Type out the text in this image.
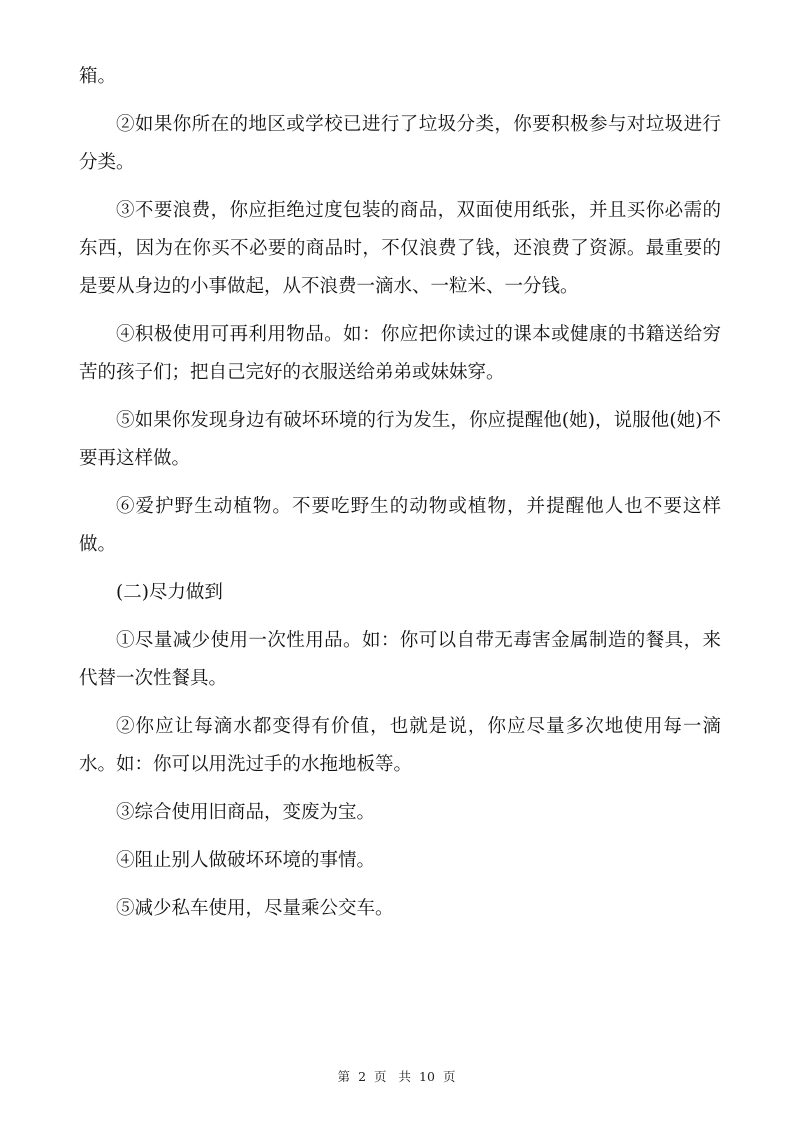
箱。

②如果你所在的地区或学校已进行了垃圾分类，你要积极参与对垃圾进行分类。

③不要浪费，你应拒绝过度包装的商品，双面使用纸张，并且买你必需的东西，因为在你买不必要的商品时，不仅浪费了钱，还浪费了资源。最重要的是要从身边的小事做起，从不浪费一滴水、一粒米、一分钱。

④积极使用可再利用物品。如：你应把你读过的课本或健康的书籍送给穷苦的孩子们；把自己完好的衣服送给弟弟或妹妹穿。

⑤如果你发现身边有破坏环境的行为发生，你应提醒他(她)，说服他(她)不要再这样做。

⑥爱护野生动植物。不要吃野生的动物或植物，并提醒他人也不要这样做。

(二)尽力做到

①尽量减少使用一次性用品。如：你可以自带无毒害金属制造的餐具，来代替一次性餐具。

②你应让每滴水都变得有价值，也就是说，你应尽量多次地使用每一滴水。如：你可以用洗过手的水拖地板等。

③综合使用旧商品，变废为宝。

④阻止别人做破坏环境的事情。

⑤减少私车使用，尽量乘公交车。

第 2 页 共 10 页
